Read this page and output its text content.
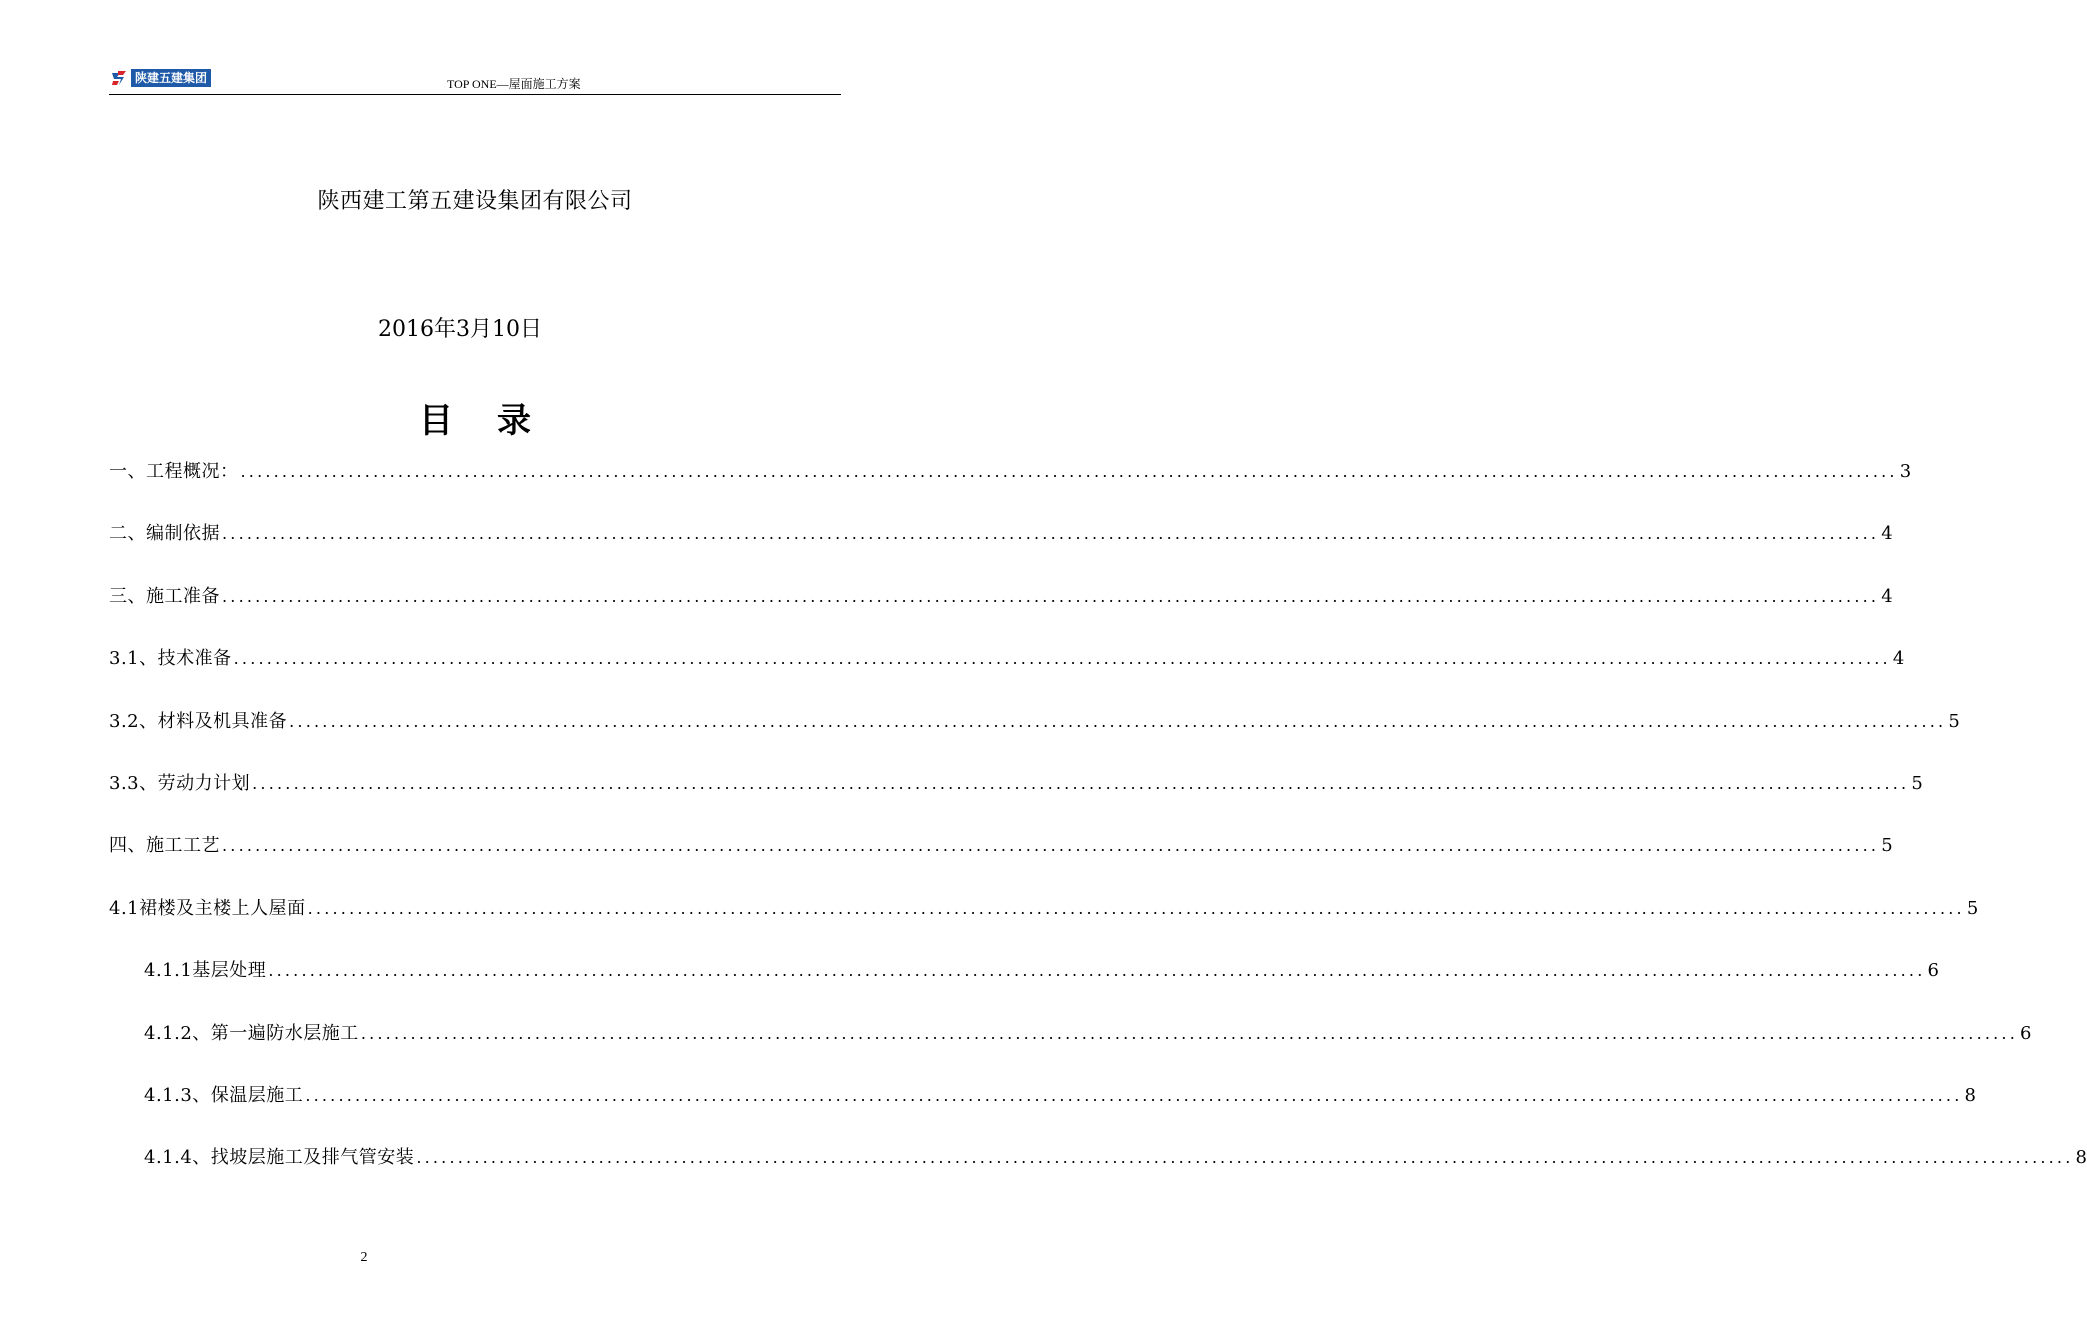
陕建五建集团	TOP ONE—屋面施工方案
陕西建工第五建设集团有限公司
2016年3月10日
目录
一、工程概况： ........................................................................................................................................................................................................ 3
二、编制依据 ........................................................................................................................................................................................................ 4
三、施工准备 ........................................................................................................................................................................................................ 4
3.1、技术准备 ........................................................................................................................................................................................................ 4
3.2、材料及机具准备 ........................................................................................................................................................................................................ 5
3.3、劳动力计划 ........................................................................................................................................................................................................ 5
四、施工工艺 ........................................................................................................................................................................................................ 5
4.1裙楼及主楼上人屋面 ........................................................................................................................................................................................................ 5
4.1.1基层处理 ........................................................................................................................................................................................................ 6
4.1.2、第一遍防水层施工 ........................................................................................................................................................................................................ 6
4.1.3、保温层施工 ........................................................................................................................................................................................................ 8
4.1.4、找坡层施工及排气管安装 ........................................................................................................................................................................................................ 8
2
